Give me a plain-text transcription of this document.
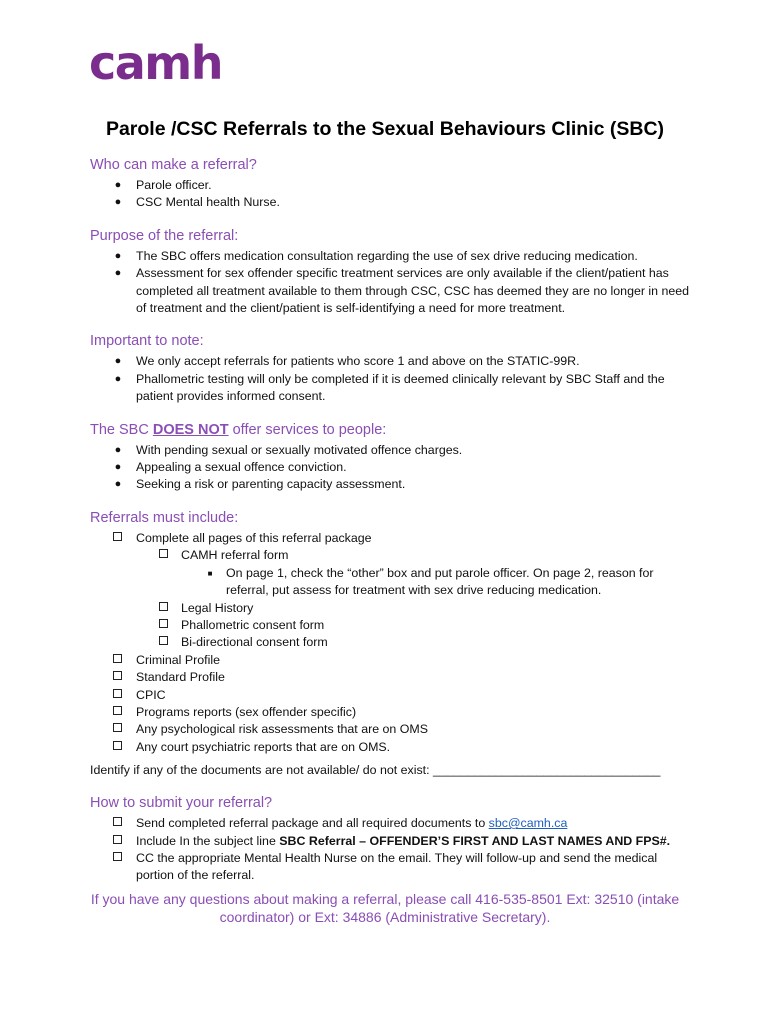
camh
Parole /CSC Referrals to the Sexual Behaviours Clinic (SBC)
Who can make a referral?
● Parole officer.
● CSC Mental health Nurse.
Purpose of the referral:
● The SBC offers medication consultation regarding the use of sex drive reducing medication.
● Assessment for sex offender specific treatment services are only available if the client/patient has completed all treatment available to them through CSC, CSC has deemed they are no longer in need of treatment and the client/patient is self-identifying a need for more treatment.
Important to note:
● We only accept referrals for patients who score 1 and above on the STATIC-99R.
● Phallometric testing will only be completed if it is deemed clinically relevant by SBC Staff and the patient provides informed consent.
The SBC DOES NOT offer services to people:
● With pending sexual or sexually motivated offence charges.
● Appealing a sexual offence conviction.
● Seeking a risk or parenting capacity assessment.
Referrals must include:
Complete all pages of this referral package
CAMH referral form
■ On page 1, check the “other” box and put parole officer. On page 2, reason for referral, put assess for treatment with sex drive reducing medication.
Legal History
Phallometric consent form
Bi-directional consent form
Criminal Profile
Standard Profile
CPIC
Programs reports (sex offender specific)
Any psychological risk assessments that are on OMS
Any court psychiatric reports that are on OMS.
Identify if any of the documents are not available/ do not exist: _________________________________
How to submit your referral?
Send completed referral package and all required documents to sbc@camh.ca
Include In the subject line SBC Referral – OFFENDER’S FIRST AND LAST NAMES AND FPS#.
CC the appropriate Mental Health Nurse on the email. They will follow-up and send the medical portion of the referral.
If you have any questions about making a referral, please call 416-535-8501 Ext: 32510 (intake coordinator) or Ext: 34886 (Administrative Secretary).
